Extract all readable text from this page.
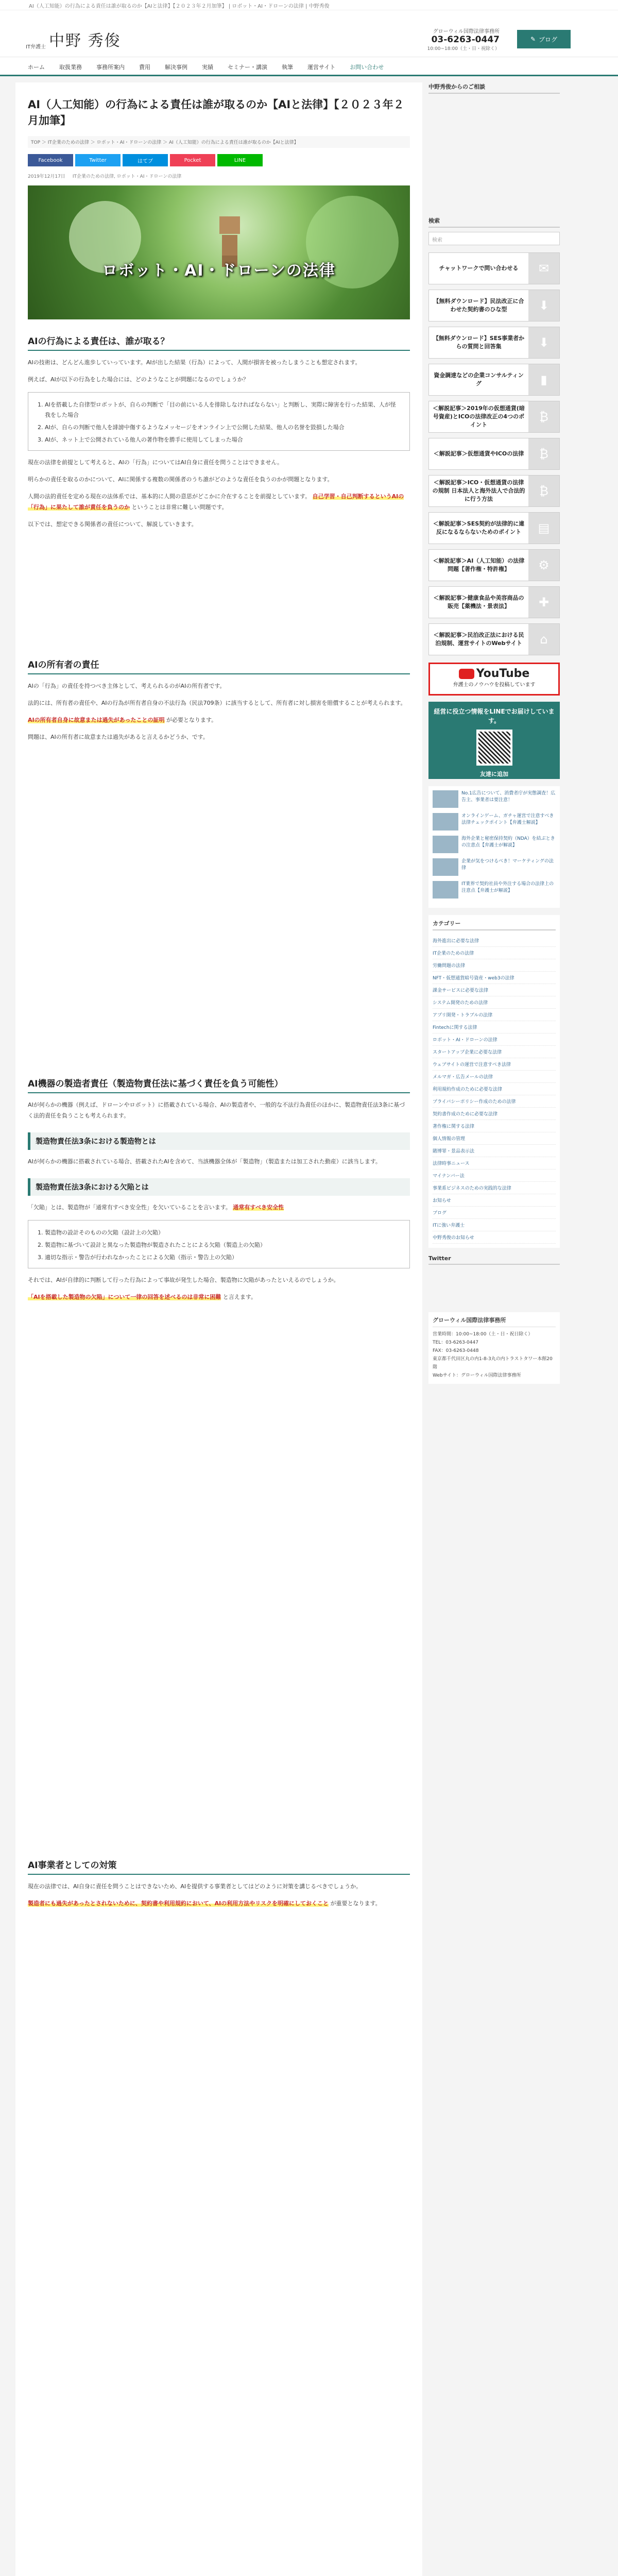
AI（人工知能）の行為による責任は誰が取るのか【AIと法律】【２０２３年２月加筆】 | ロボット・AI・ドローンの法律 | 中野秀俊
IT弁護士 中野 秀俊
グローウィル国際法律事務所
03-6263-0447
10:00~18:00（土・日・祝除く）
✎ ブログ
ホーム	取扱業務	事務所案内	費用	解決事例	実績	セミナー・講演	執筆	運営サイト	お問い合わせ
AI（人工知能）の行為による責任は誰が取るのか【AIと法律】【２０２３年２月加筆】
TOP ＞ IT企業のための法律 ＞ ロボット・AI・ドローンの法律 ＞ AI（人工知能）の行為による責任は誰が取るのか【AIと法律】
Facebook	Twitter	はてブ	Pocket	LINE
2019年12月17日 IT企業のための法律, ロボット・AI・ドローンの法律
ロボット・AI・ドローンの法律
AIの行為による責任は、誰が取る？

AIの技術は、どんどん進歩していっています。AIが出した結果（行為）によって、人間が損害を被ったしまうことも想定されます。

例えば、AIが以下の行為をした場合には、どのようなことが問題になるのでしょうか？

1. AIを搭載した自律型ロボットが、自らの判断で「目の前にいる人を排除しなければならない」と判断し、実際に障害を行った結果、人が怪我をした場合
2. AIが、自らの判断で他人を誹謗中傷するようなメッセージをオンライン上で公開した結果、他人の名誉を毀損した場合
3. AIが、ネット上で公開されている他人の著作物を勝手に使用してしまった場合

現在の法律を前提として考えると、AIの「行為」についてはAI自身に責任を問うことはできません。

明らかの責任を取るのかについて、AIに関係する複数の関係者のうち誰がどのような責任を負うのかが問題となります。

人間の法的責任を定める現在の法体系では、基本的に人間の意思がどこかに介在することを前提としています。 自己学習・自己判断するというAIの「行為」に果たして誰が責任を負うのか ということは非常に難しい問題です。

以下では、想定できる関係者の責任について、解説していきます。

AIの所有者の責任

AIの「行為」の責任を持つべき主体として、考えられるのがAIの所有者です。

法的には、所有者の責任や、AIの行為が所有者自身の不法行為（民法709条）に該当するとして、所有者に対し損害を賠償することが考えられます。

AIの所有者自身に故意または過失があったことの証明 が必要となります。

問題は、AIの所有者に故意または過失があると言えるかどうか、です。

AI機器の製造者責任（製造物責任法に基づく責任を負う可能性）

AIが何らかの機器（例えば、ドローンやロボット）に搭載されている場合、AIの製造者や、一般的な不法行為責任のほかに、製造物責任法3条に基づく法的責任を負うことも考えられます。

製造物責任法3条における製造物とは

AIが何らかの機器に搭載されている場合、搭載されたAIを含めて、当該機器全体が「製造物」（製造または加工された動産）に該当します。

製造物責任法3条における欠陥とは

「欠陥」とは、製造物が「通常有すべき安全性」を欠いていることを言います。 通常有すべき安全性

1. 製造物の設計そのものの欠陥（設計上の欠陥）
2. 製造物に基づいて設計と異なった製造物が製造されたことによる欠陥（製造上の欠陥）
3. 適切な指示・警告が行われなかったことによる欠陥（指示・警告上の欠陥）

それでは、AIが自律的に判断して行った行為によって事故が発生した場合、製造物に欠陥があったといえるのでしょうか。

「AIを搭載した製造物の欠陥」について一律の回答を述べるのは非常に困難 と言えます。

AI事業者としての対策

現在の法律では、AI自身に責任を問うことはできないため、AIを提供する事業者としてはどのように対策を講じるべきでしょうか。

製造者にも過失があったとされないために、契約書や利用規約において、AIの利用方法やリスクを明確にしておくこと が重要となります。

中野秀俊からのご相談
検索
検索
チャットワークで問い合わせる	✉
【無料ダウンロード】民法改正に合わせた契約書のひな型	⬇
【無料ダウンロード】SES事業者からの質問と回答集	⬇
資金調達などの企業コンサルティング	▮
＜解説記事＞2019年の仮想通貨(暗号資産)とICOの法律改正の4つのポイント
₿
＜解説記事＞仮想通貨やICOの法律	₿
＜解説記事＞ICO・仮想通貨の法律の規制 日本法人と海外法人で合法的に行う方法
₿
＜解説記事＞SES契約が法律的に違反になるならないためのポイント	▤
＜解説記事＞AI（人工知能）の法律問題【著作権・特許権】	⚙
＜解説記事＞健康食品や美容商品の販売【薬機法・景表法】	✚
＜解説記事＞民泊改正法における民泊規制、運営サイトのWebサイト	⌂
YouTube
弁護士のノウハウを投稿しています
経営に役立つ情報をLINEでお届けしています。
友達に追加
No.1広告について、消費者庁が実態調査！広告主、事業者は要注意！
オンラインゲーム、ガチャ運営で注意すべき法律チェックポイント【弁護士解説】
海外企業と秘密保持契約（NDA）を結ぶときの注意点【弁護士が解説】
企業が気をつけるべき！マーケティングの法律
IT業界で契約社員や外注する場合の法律上の注意点【弁護士が解説】
カテゴリー
海外進出に必要な法律
IT企業のための法律
労働問題の法律
NFT・仮想通貨暗号資産・web3の法律
課金サービスに必要な法律
システム開発のための法律
アプリ開発・トラブルの法律
Fintechに関する法律
ロボット・AI・ドローンの法律
スタートアップ企業に必要な法律
ウェブサイトの運営で注意すべき法律
メルマガ・広告メールの法律
利用規約作成のために必要な法律
プライバシーポリシー作成のための法律
契約書作成のために必要な法律
著作権に関する法律
個人情報の管理
賭博罪・景品表示法
法律時事ニュース
マイナンバー法
事業系ビジネスのための実践的な法律
お知らせ
ブログ
ITに強い弁護士
中野秀俊のお知らせ
Twitter
グローウィル国際法律事務所
営業時間：10:00~18:00（土・日・祝日除く）
TEL：03-6263-0447
FAX：03-6263-0448
東京都千代田区丸の内1-8-3丸の内トラストタワー本館20階
Webサイト：グローウィル国際法律事務所
